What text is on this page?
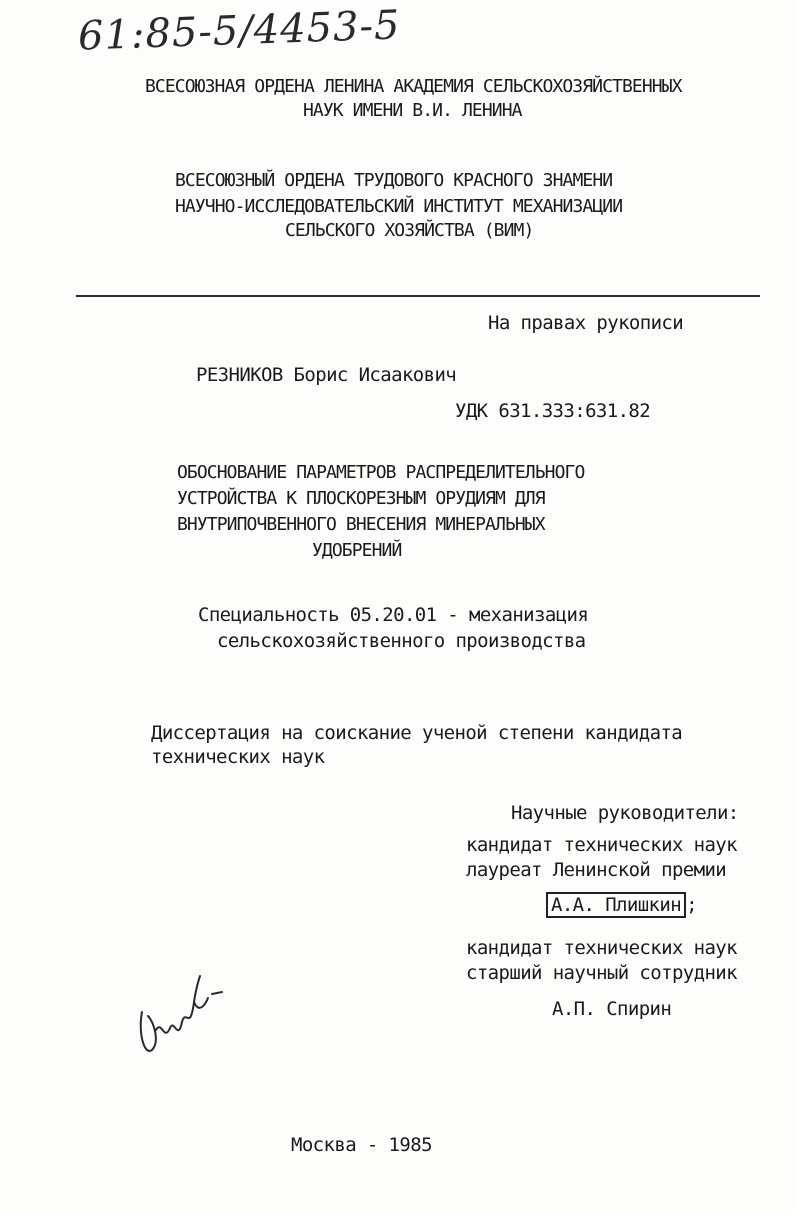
61:85-5/4453-5
ВСЕСОЮЗНАЯ ОРДЕНА ЛЕНИНА АКАДЕМИЯ СЕЛЬСКОХОЗЯЙСТВЕННЫХ
НАУК ИМЕНИ В.И. ЛЕНИНА
ВСЕСОЮЗНЫЙ ОРДЕНА ТРУДОВОГО КРАСНОГО ЗНАМЕНИ
НАУЧНО-ИССЛЕДОВАТЕЛЬСКИЙ ИНСТИТУТ МЕХАНИЗАЦИИ
СЕЛЬСКОГО ХОЗЯЙСТВА (ВИМ)
На правах рукописи
РЕЗНИКОВ Борис Исаакович
УДК 631.333:631.82
ОБОСНОВАНИЕ ПАРАМЕТРОВ РАСПРЕДЕЛИТЕЛЬНОГО
УСТРОЙСТВА К ПЛОСКОРЕЗНЫМ ОРУДИЯМ ДЛЯ
ВНУТРИПОЧВЕННОГО ВНЕСЕНИЯ МИНЕРАЛЬНЫХ
УДОБРЕНИЙ
Специальность 05.20.01 - механизация
сельскохозяйственного производства
Диссертация на соискание ученой степени кандидата
технических наук
Научные руководители:
кандидат технических наук
лауреат Ленинской премии
А.А. Плишкин ;
кандидат технических наук
старший научный сотрудник
А.П. Спирин
Москва - 1985
